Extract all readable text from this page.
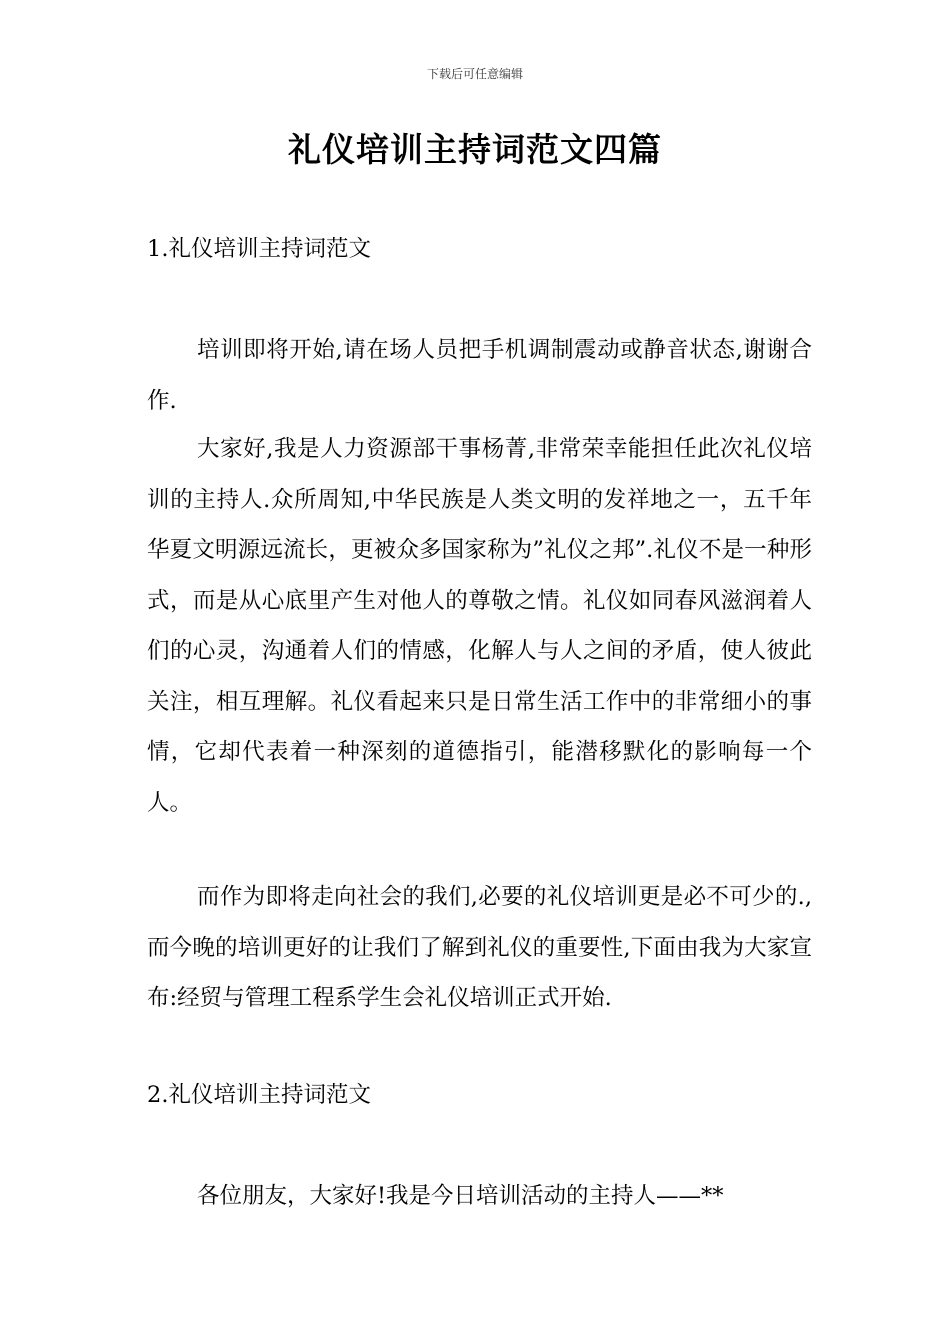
下载后可任意编辑
礼仪培训主持词范文四篇
1.礼仪培训主持词范文

培训即将开始,请在场人员把手机调制震动或静音状态,谢谢合作.

大家好,我是人力资源部干事杨菁,非常荣幸能担任此次礼仪培训的主持人.众所周知,中华民族是人类文明的发祥地之一，五千年华夏文明源远流长，更被众多国家称为”礼仪之邦”.礼仪不是一种形式，而是从心底里产生对他人的尊敬之情。礼仪如同春风滋润着人们的心灵，沟通着人们的情感，化解人与人之间的矛盾，使人彼此关注，相互理解。礼仪看起来只是日常生活工作中的非常细小的事情，它却代表着一种深刻的道德指引，能潜移默化的影响每一个人。

而作为即将走向社会的我们,必要的礼仪培训更是必不可少的.,而今晚的培训更好的让我们了解到礼仪的重要性,下面由我为大家宣布:经贸与管理工程系学生会礼仪培训正式开始.

2.礼仪培训主持词范文

各位朋友，大家好!我是今日培训活动的主持人——**
